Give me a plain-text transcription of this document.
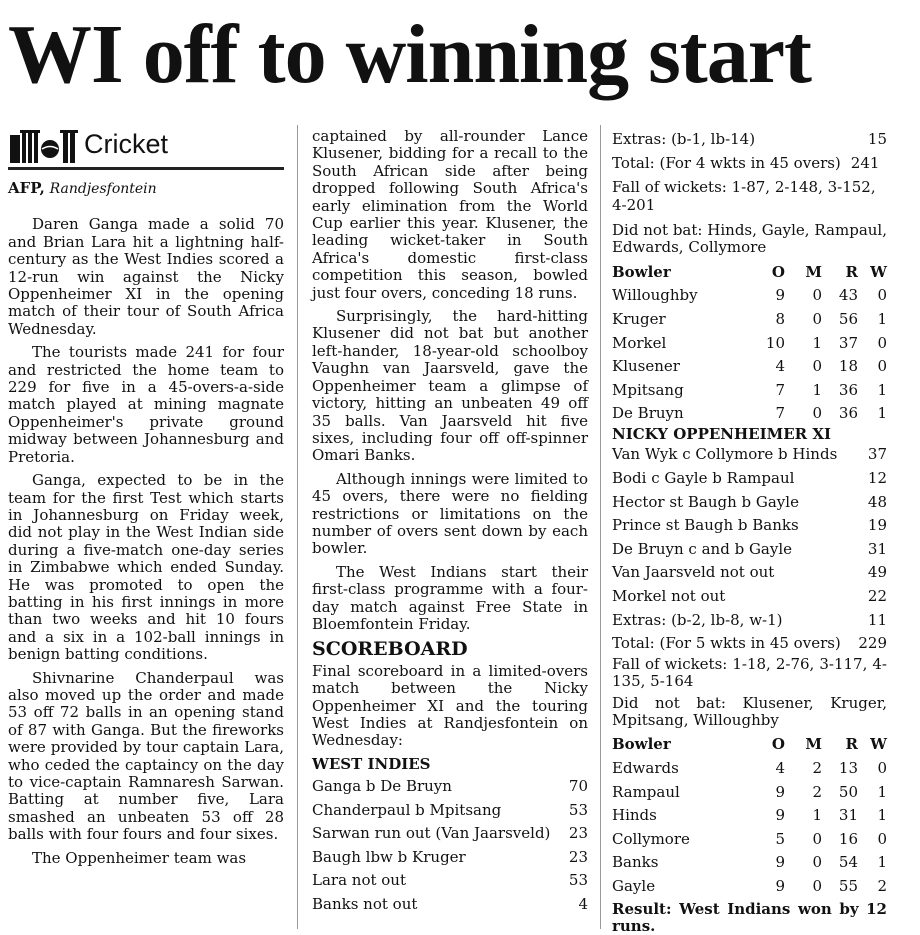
WI off to winning start
Cricket
AFP, Randjesfontein

Daren Ganga made a solid 70 and Brian Lara hit a lightning half-century as the West Indies scored a 12-run win against the Nicky Oppenheimer XI in the opening match of their tour of South Africa Wednesday.

The tourists made 241 for four and restricted the home team to 229 for five in a 45-overs-a-side match played at mining magnate Oppenheimer's private ground midway between Johannesburg and Pretoria.

Ganga, expected to be in the team for the first Test which starts in Johannesburg on Friday week, did not play in the West Indian side during a five-match one-day series in Zimbabwe which ended Sunday. He was promoted to open the batting in his first innings in more than two weeks and hit 10 fours and a six in a 102-ball innings in benign batting conditions.

Shivnarine Chanderpaul was also moved up the order and made 53 off 72 balls in an opening stand of 87 with Ganga. But the fireworks were provided by tour captain Lara, who ceded the captaincy on the day to vice-captain Ramnaresh Sarwan. Batting at number five, Lara smashed an unbeaten 53 off 28 balls with four fours and four sixes.

The Oppenheimer team was

captained by all-rounder Lance Klusener, bidding for a recall to the South African side after being dropped following South Africa's early elimination from the World Cup earlier this year. Klusener, the leading wicket-taker in South Africa's domestic first-class competition this season, bowled just four overs, conceding 18 runs.

Surprisingly, the hard-hitting Klusener did not bat but another left-hander, 18-year-old schoolboy Vaughn van Jaarsveld, gave the Oppenheimer team a glimpse of victory, hitting an unbeaten 49 off 35 balls. Van Jaarsveld hit five sixes, including four off off-spinner Omari Banks.

Although innings were limited to 45 overs, there were no fielding restrictions or limitations on the number of overs sent down by each bowler.

The West Indians start their first-class programme with a four-day match against Free State in Bloemfontein Friday.

SCOREBOARD

Final scoreboard in a limited-overs match between the Nicky Oppenheimer XI and the touring West Indies at Randjesfontein on Wednesday:

WEST INDIES
Ganga b De Bruyn	70
Chanderpaul b Mpitsang	53
Sarwan run out (Van Jaarsveld) 23
Baugh lbw b Kruger	23
Lara not out	53
Banks not out	4
Extras: (b-1, lb-14)	15
Total: (For 4 wkts in 45 overs) 241
Fall of wickets: 1-87, 2-148, 3-152, 4-201
Did not bat: Hinds, Gayle, Rampaul, Edwards, Collymore
Bowler	O	M	R W
Willoughby	9	0	43	0
Kruger	8	0	56	1
Morkel	10	1	37	0
Klusener	4	0	18	0
Mpitsang	7	1	36	1
De Bruyn	7	0	36	1
NICKY OPPENHEIMER XI
Van Wyk c Collymore b Hinds 37
Bodi c Gayle b Rampaul	12
Hector st Baugh b Gayle	48
Prince st Baugh b Banks	19
De Bruyn c and b Gayle	31
Van Jaarsveld not out	49
Morkel not out	22
Extras: (b-2, lb-8, w-1)	11
Total: (For 5 wkts in 45 overs) 229
Fall of wickets: 1-18, 2-76, 3-117, 4-135, 5-164
Did not bat: Klusener, Kruger, Mpitsang, Willoughby
Bowler	O	M	R W
Edwards	4	2	13	0
Rampaul	9	2	50	1
Hinds	9	1	31	1
Collymore	5	0	16	0
Banks	9	0	54	1
Gayle	9	0	55	2
Result: West Indians won by 12 runs.
